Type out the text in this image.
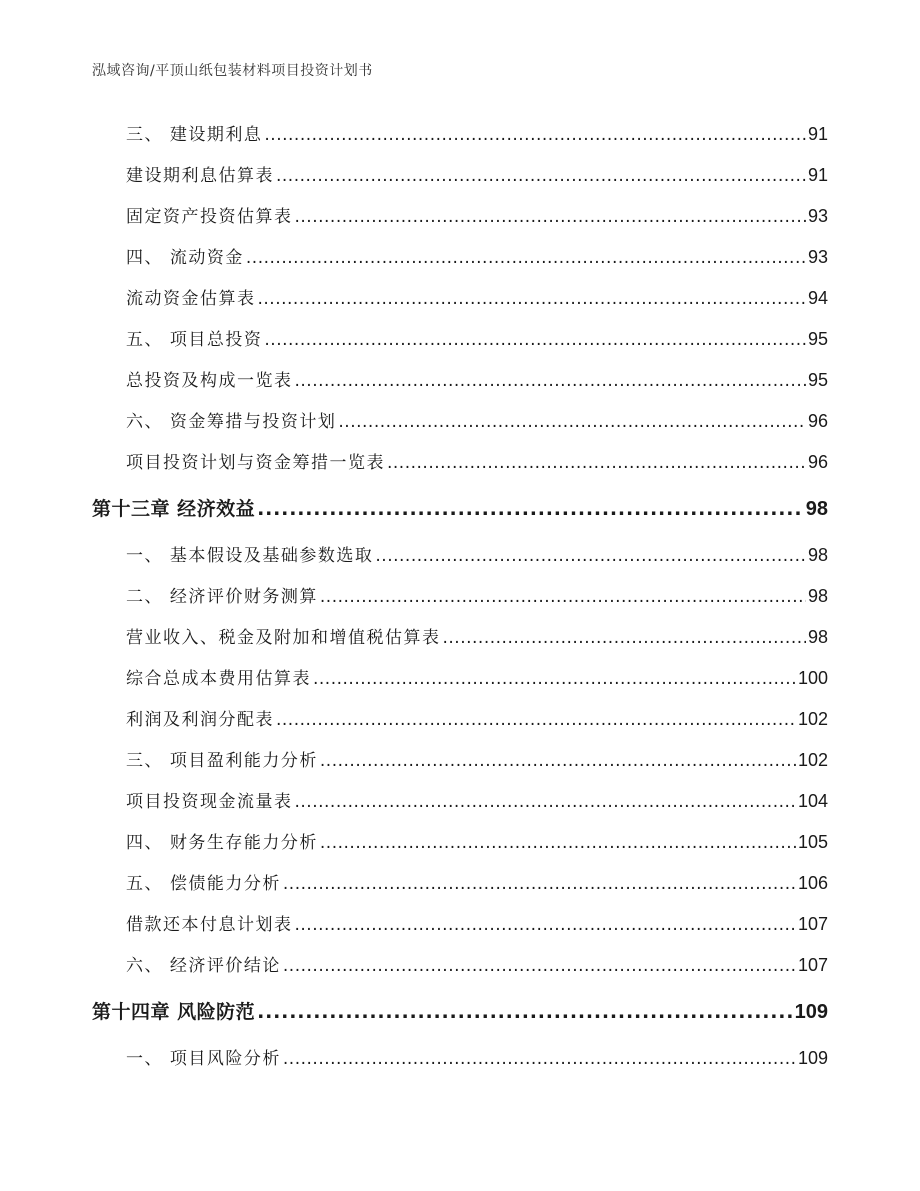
泓域咨询/平顶山纸包装材料项目投资计划书
三、 建设期利息 .....	91
建设期利息估算表 .....	91
固定资产投资估算表 .....	93
四、 流动资金 .....	93
流动资金估算表 .....	94
五、 项目总投资 .....	95
总投资及构成一览表 .....	95
六、 资金筹措与投资计划 .....	96
项目投资计划与资金筹措一览表 .....	96
第十三章 经济效益 .....	98
一、 基本假设及基础参数选取 .....	98
二、 经济评价财务测算 .....	98
营业收入、税金及附加和增值税估算表 .....	98
综合总成本费用估算表 .....	100
利润及利润分配表 .....	102
三、 项目盈利能力分析 .....	102
项目投资现金流量表 .....	104
四、 财务生存能力分析 .....	105
五、 偿债能力分析 .....	106
借款还本付息计划表 .....	107
六、 经济评价结论 .....	107
第十四章 风险防范 .....	109
一、 项目风险分析 .....	109
